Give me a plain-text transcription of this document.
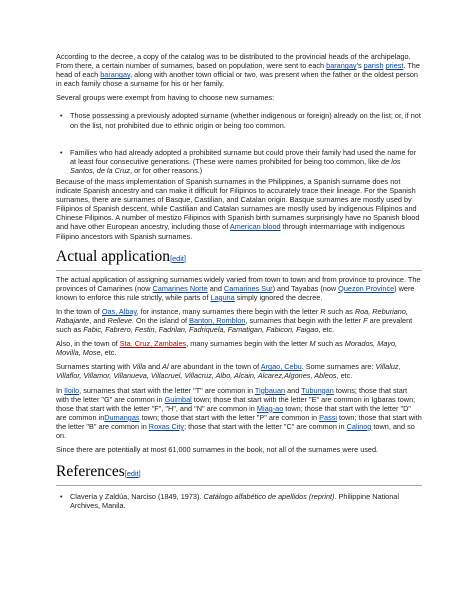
According to the decree, a copy of the catalog was to be distributed to the provincial heads of the archipelago. From there, a certain number of surnames, based on population, were sent to each barangay's parish priest. The head of each barangay, along with another town official or two, was present when the father or the oldest person in each family chose a surname for his or her family.

Several groups were exempt from having to choose new surnames:

• Those possessing a previously adopted surname (whether indigenous or foreign) already on the list; or, if not on the list, not prohibited due to ethnic origin or being too common.
• Families who had already adopted a prohibited surname but could prove their family had used the name for at least four consecutive generations. (These were names prohibited for being too common, like de los Santos, de la Cruz, or for other reasons.)

Because of the mass implementation of Spanish surnames in the Philippines, a Spanish surname does not indicate Spanish ancestry and can make it difficult for Filipinos to accurately trace their lineage. For the Spanish surnames, there are surnames of Basque, Castilian, and Catalan origin. Basque surnames are mostly used by Filipinos of Spanish descent, while Castilian and Catalan surnames are mostly used by indigenous Filipinos and Chinese Filipinos. A number of mestizo Filipinos with Spanish birth surnames surprisingly have no Spanish blood and have other European ancestry, including those of American blood through intermarriage with indigenous Filipino ancestors with Spanish surnames.

Actual application[edit]

The actual application of assigning surnames widely varied from town to town and from province to province. The provinces of Camarines (now Camarines Norte and Camarines Sur) and Tayabas (now Quezon Province) were known to enforce this rule strictly, while parts of Laguna simply ignored the decree.

In the town of Oas, Albay, for instance, many surnames there begin with the letter R such as Roa, Reburiano, Rabajante, and Relleve. On the island of Banton, Romblon, surnames that begin with the letter F are prevalent such as Fabic, Fabrero, Festin, Fadrilan, Fadriquela, Famatigan, Fabicon, Faigao, etc.

Also, in the town of Sta. Cruz, Zambales, many surnames begin with the letter M such as Morados, Mayo, Movilla, Mose, etc.

Surnames starting with Villa and Al are abundant in the town of Argao, Cebu. Some surnames are: Villaluz, Villaflor, Villamor, Villanueva, Villacruel, Villacruz, Albo, Alcain, Alcarez,Algones, Ableos, etc.

In Iloilo, surnames that start with the letter "T" are common in Tigbauan and Tubungan towns; those that start with the letter "G" are common in Guimbal town; those that start with the letter "E" are common in Igbaras town; those that start with the letter "F", "H", and "N" are common in Miag-ao town; those that start with the letter "D" are common inDumangas town; those that start with the letter "P" are common in Passi town; those that start with the letter "B" are common in Roxas City; those that start with the letter "C" are common in Calinog town, and so on.

Since there are potentially at most 61,000 surnames in the book, not all of the surnames were used.

References[edit]
• Clavería y Zaldúa, Narciso (1849, 1973). Catálogo alfabético de apellidos (reprint). Philippine National Archives, Manila.
